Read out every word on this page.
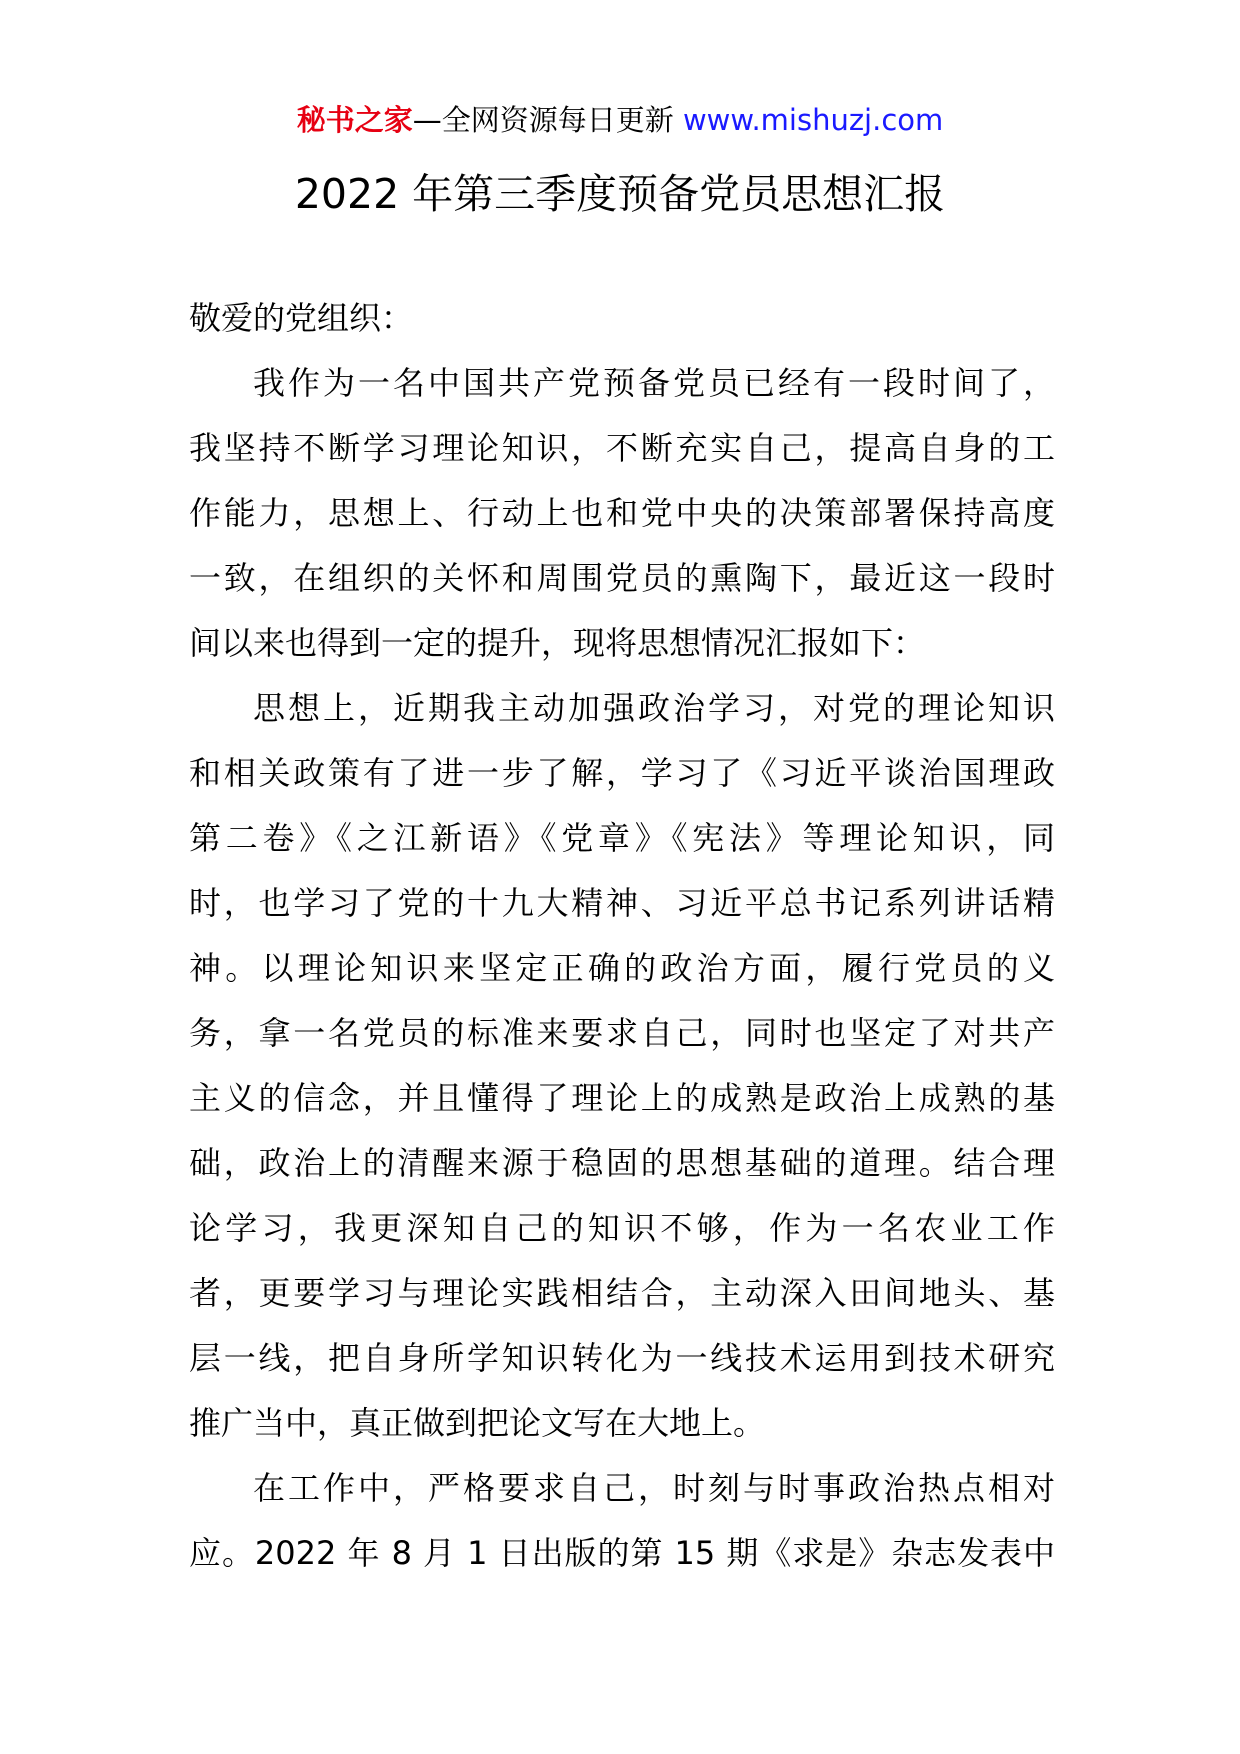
秘书之家—全网资源每日更新 www.mishuzj.com
2022 年第三季度预备党员思想汇报
敬爱的党组织：
我作为一名中国共产党预备党员已经有一段时间了，
我坚持不断学习理论知识，不断充实自己，提高自身的工
作能力，思想上、行动上也和党中央的决策部署保持高度
一致，在组织的关怀和周围党员的熏陶下，最近这一段时
间以来也得到一定的提升，现将思想情况汇报如下：
思想上，近期我主动加强政治学习，对党的理论知识
和相关政策有了进一步了解，学习了《习近平谈治国理政
第二卷》《之江新语》《党章》《宪法》等理论知识，同
时，也学习了党的十九大精神、习近平总书记系列讲话精
神。以理论知识来坚定正确的政治方面，履行党员的义
务，拿一名党员的标准来要求自己，同时也坚定了对共产
主义的信念，并且懂得了理论上的成熟是政治上成熟的基
础，政治上的清醒来源于稳固的思想基础的道理。结合理
论学习，我更深知自己的知识不够，作为一名农业工作
者，更要学习与理论实践相结合，主动深入田间地头、基
层一线，把自身所学知识转化为一线技术运用到技术研究
推广当中，真正做到把论文写在大地上。
在工作中，严格要求自己，时刻与时事政治热点相对
应。2022 年 8 月 1 日出版的第 15 期《求是》杂志发表中
